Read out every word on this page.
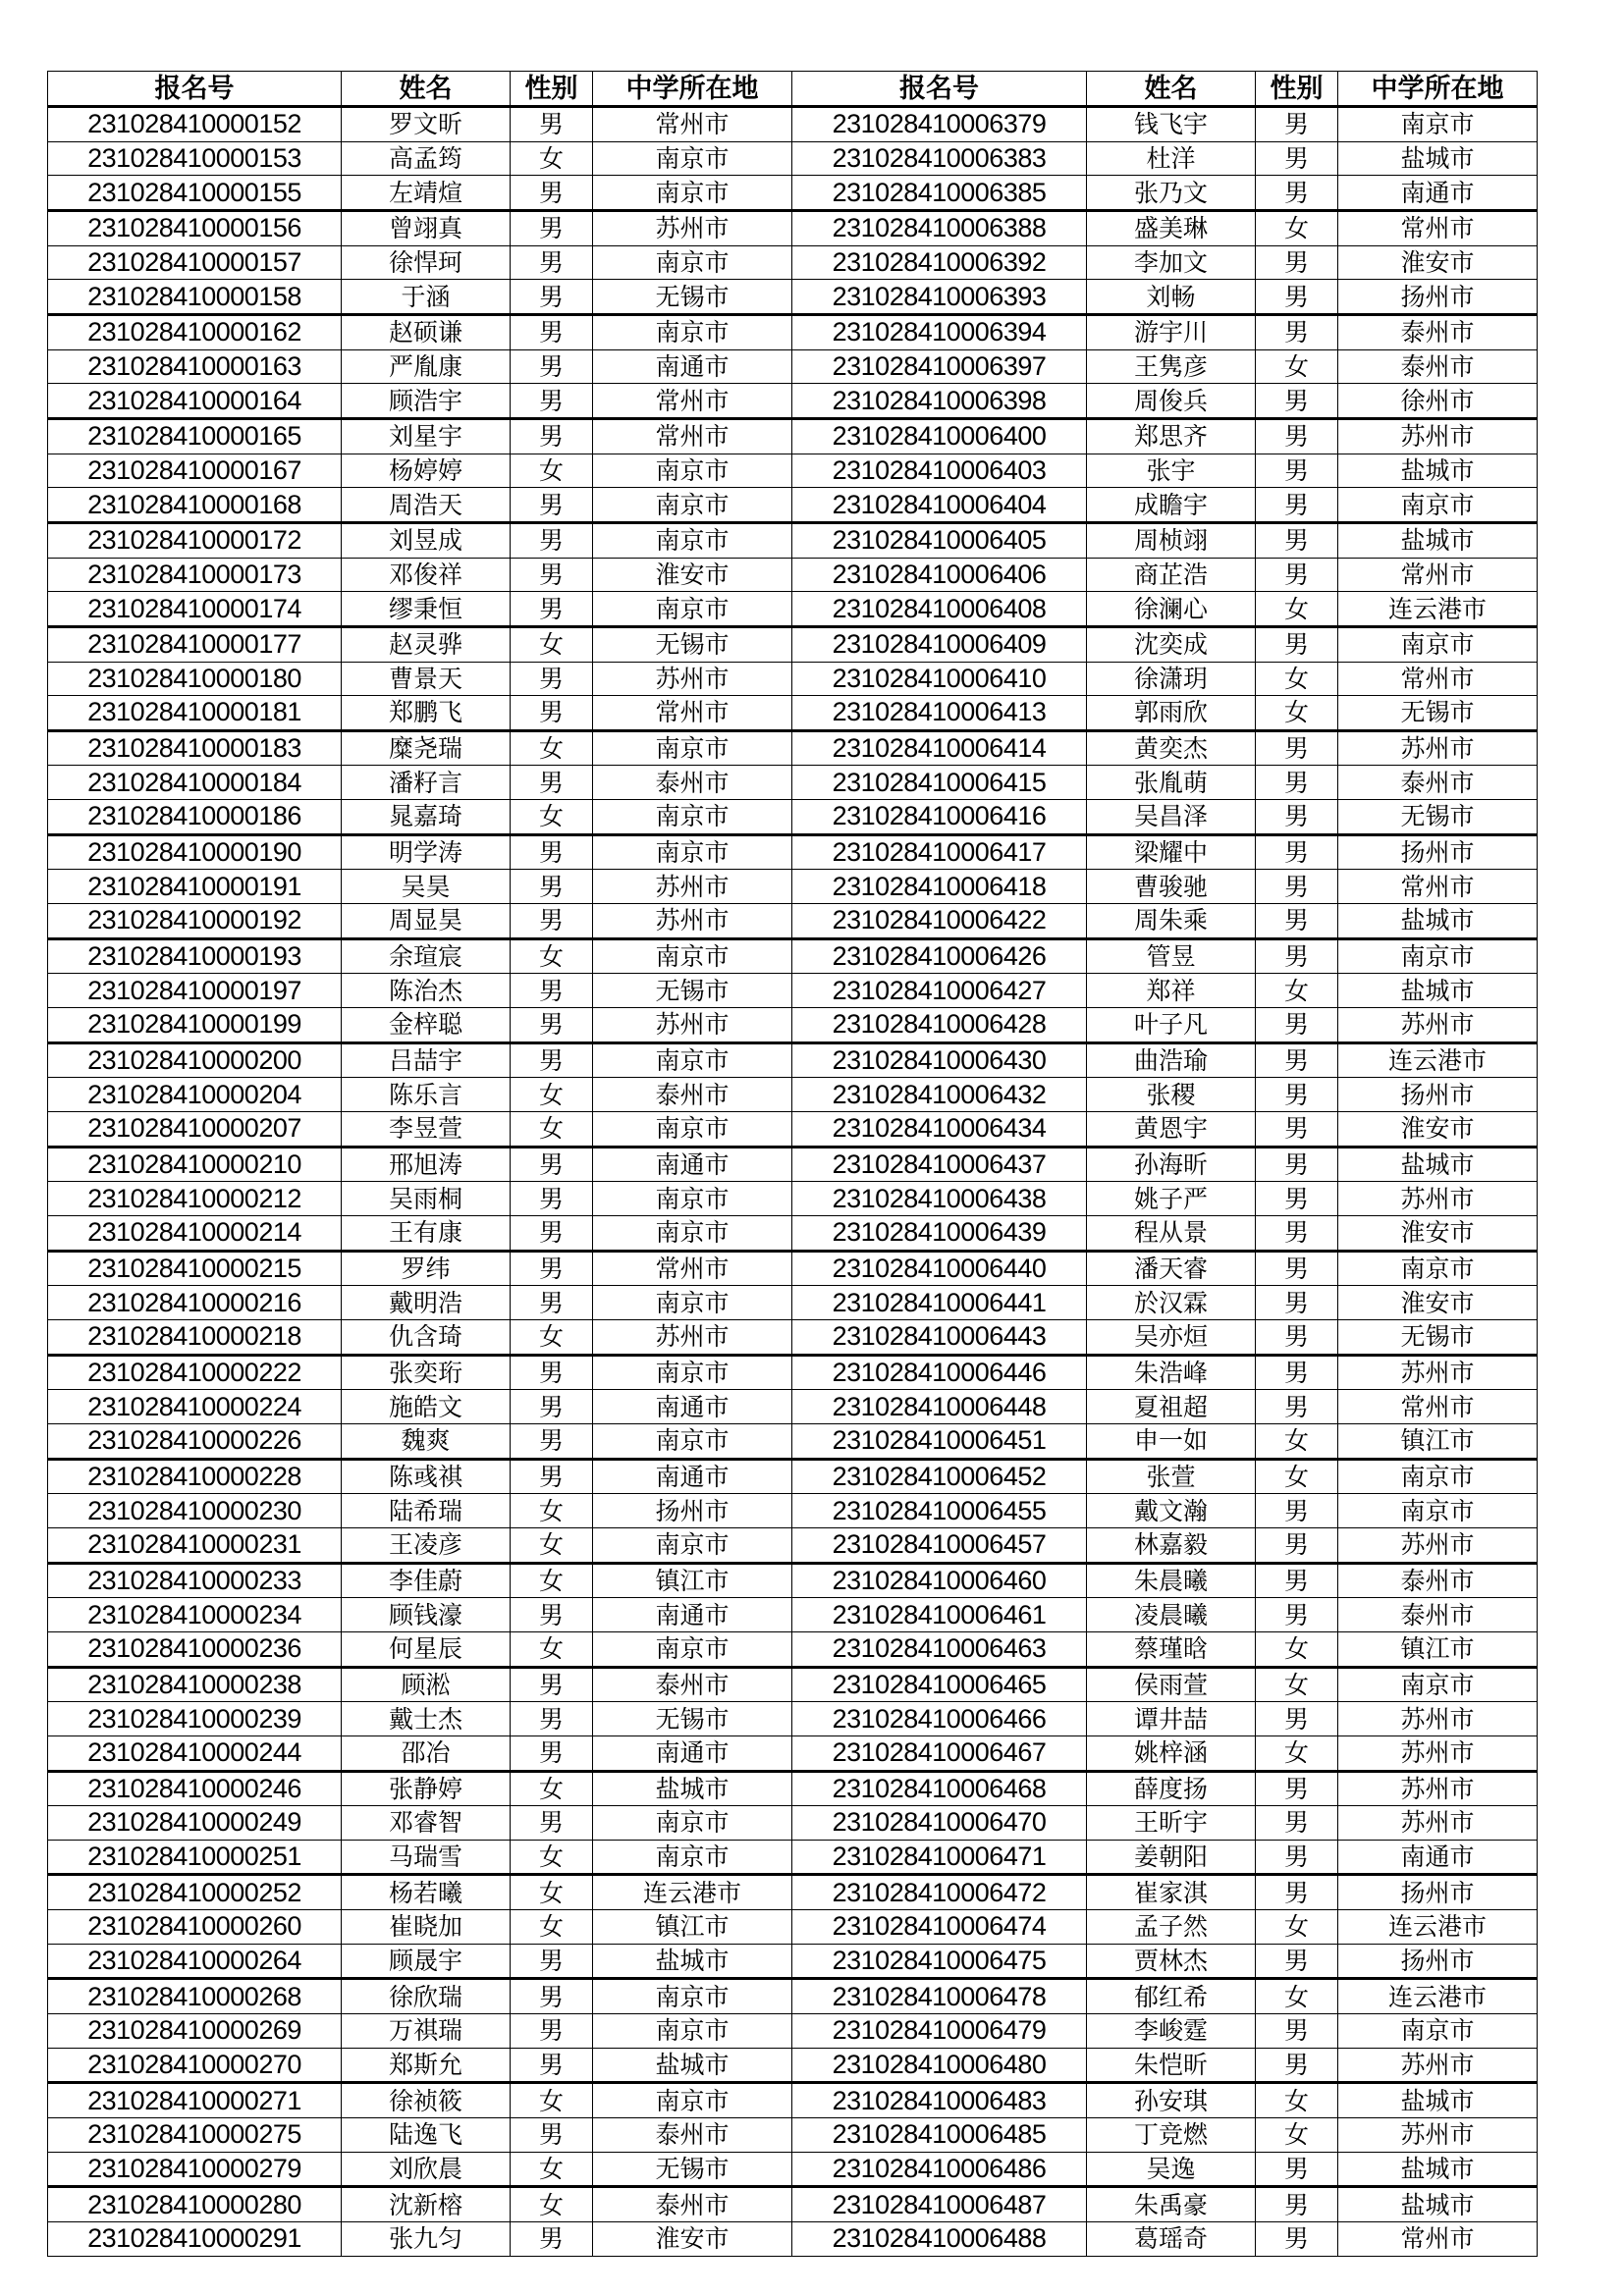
报名号	姓名	性别	中学所在地	报名号	姓名	性别	中学所在地
231028410000152	罗文昕	男	常州市	231028410006379	钱飞宇	男	南京市
231028410000153	高孟筠	女	南京市	231028410006383	杜洋	男	盐城市
231028410000155	左靖煊	男	南京市	231028410006385	张乃文	男	南通市
231028410000156	曾翊真	男	苏州市	231028410006388	盛美琳	女	常州市
231028410000157	徐悍珂	男	南京市	231028410006392	李加文	男	淮安市
231028410000158	于涵	男	无锡市	231028410006393	刘畅	男	扬州市
231028410000162	赵硕谦	男	南京市	231028410006394	游宇川	男	泰州市
231028410000163	严胤康	男	南通市	231028410006397	王隽彦	女	泰州市
231028410000164	顾浩宇	男	常州市	231028410006398	周俊兵	男	徐州市
231028410000165	刘星宇	男	常州市	231028410006400	郑思齐	男	苏州市
231028410000167	杨婷婷	女	南京市	231028410006403	张宇	男	盐城市
231028410000168	周浩天	男	南京市	231028410006404	成瞻宇	男	南京市
231028410000172	刘昱成	男	南京市	231028410006405	周桢翊	男	盐城市
231028410000173	邓俊祥	男	淮安市	231028410006406	商芷浩	男	常州市
231028410000174	缪秉恒	男	南京市	231028410006408	徐澜心	女	连云港市
231028410000177	赵灵骅	女	无锡市	231028410006409	沈奕成	男	南京市
231028410000180	曹景天	男	苏州市	231028410006410	徐潇玥	女	常州市
231028410000181	郑鹏飞	男	常州市	231028410006413	郭雨欣	女	无锡市
231028410000183	糜尧瑞	女	南京市	231028410006414	黄奕杰	男	苏州市
231028410000184	潘籽言	男	泰州市	231028410006415	张胤萌	男	泰州市
231028410000186	晁嘉琦	女	南京市	231028410006416	吴昌泽	男	无锡市
231028410000190	明学涛	男	南京市	231028410006417	梁耀中	男	扬州市
231028410000191	吴昊	男	苏州市	231028410006418	曹骏驰	男	常州市
231028410000192	周显昊	男	苏州市	231028410006422	周朱乘	男	盐城市
231028410000193	余瑄宸	女	南京市	231028410006426	管昱	男	南京市
231028410000197	陈治杰	男	无锡市	231028410006427	郑祥	女	盐城市
231028410000199	金梓聪	男	苏州市	231028410006428	叶子凡	男	苏州市
231028410000200	吕喆宇	男	南京市	231028410006430	曲浩瑜	男	连云港市
231028410000204	陈乐言	女	泰州市	231028410006432	张稷	男	扬州市
231028410000207	李昱萱	女	南京市	231028410006434	黄恩宇	男	淮安市
231028410000210	邢旭涛	男	南通市	231028410006437	孙海昕	男	盐城市
231028410000212	吴雨桐	男	南京市	231028410006438	姚子严	男	苏州市
231028410000214	王有康	男	南京市	231028410006439	程从景	男	淮安市
231028410000215	罗纬	男	常州市	231028410006440	潘天睿	男	南京市
231028410000216	戴明浩	男	南京市	231028410006441	於汉霖	男	淮安市
231028410000218	仇含琦	女	苏州市	231028410006443	吴亦烜	男	无锡市
231028410000222	张奕珩	男	南京市	231028410006446	朱浩峰	男	苏州市
231028410000224	施皓文	男	南通市	231028410006448	夏祖超	男	常州市
231028410000226	魏爽	男	南京市	231028410006451	申一如	女	镇江市
231028410000228	陈彧祺	男	南通市	231028410006452	张萱	女	南京市
231028410000230	陆希瑞	女	扬州市	231028410006455	戴文瀚	男	南京市
231028410000231	王凌彦	女	南京市	231028410006457	林嘉毅	男	苏州市
231028410000233	李佳蔚	女	镇江市	231028410006460	朱晨曦	男	泰州市
231028410000234	顾钱濠	男	南通市	231028410006461	凌晨曦	男	泰州市
231028410000236	何星辰	女	南京市	231028410006463	蔡瑾晗	女	镇江市
231028410000238	顾淞	男	泰州市	231028410006465	侯雨萱	女	南京市
231028410000239	戴士杰	男	无锡市	231028410006466	谭井喆	男	苏州市
231028410000244	邵冶	男	南通市	231028410006467	姚梓涵	女	苏州市
231028410000246	张静婷	女	盐城市	231028410006468	薛度扬	男	苏州市
231028410000249	邓睿智	男	南京市	231028410006470	王昕宇	男	苏州市
231028410000251	马瑞雪	女	南京市	231028410006471	姜朝阳	男	南通市
231028410000252	杨若曦	女	连云港市	231028410006472	崔家淇	男	扬州市
231028410000260	崔晓加	女	镇江市	231028410006474	孟子然	女	连云港市
231028410000264	顾晟宇	男	盐城市	231028410006475	贾林杰	男	扬州市
231028410000268	徐欣瑞	男	南京市	231028410006478	郁红希	女	连云港市
231028410000269	万祺瑞	男	南京市	231028410006479	李峻霆	男	南京市
231028410000270	郑斯允	男	盐城市	231028410006480	朱恺昕	男	苏州市
231028410000271	徐祯筱	女	南京市	231028410006483	孙安琪	女	盐城市
231028410000275	陆逸飞	男	泰州市	231028410006485	丁竞燃	女	苏州市
231028410000279	刘欣晨	女	无锡市	231028410006486	吴逸	男	盐城市
231028410000280	沈新榕	女	泰州市	231028410006487	朱禹豪	男	盐城市
231028410000291	张九匀	男	淮安市	231028410006488	葛瑶奇	男	常州市
